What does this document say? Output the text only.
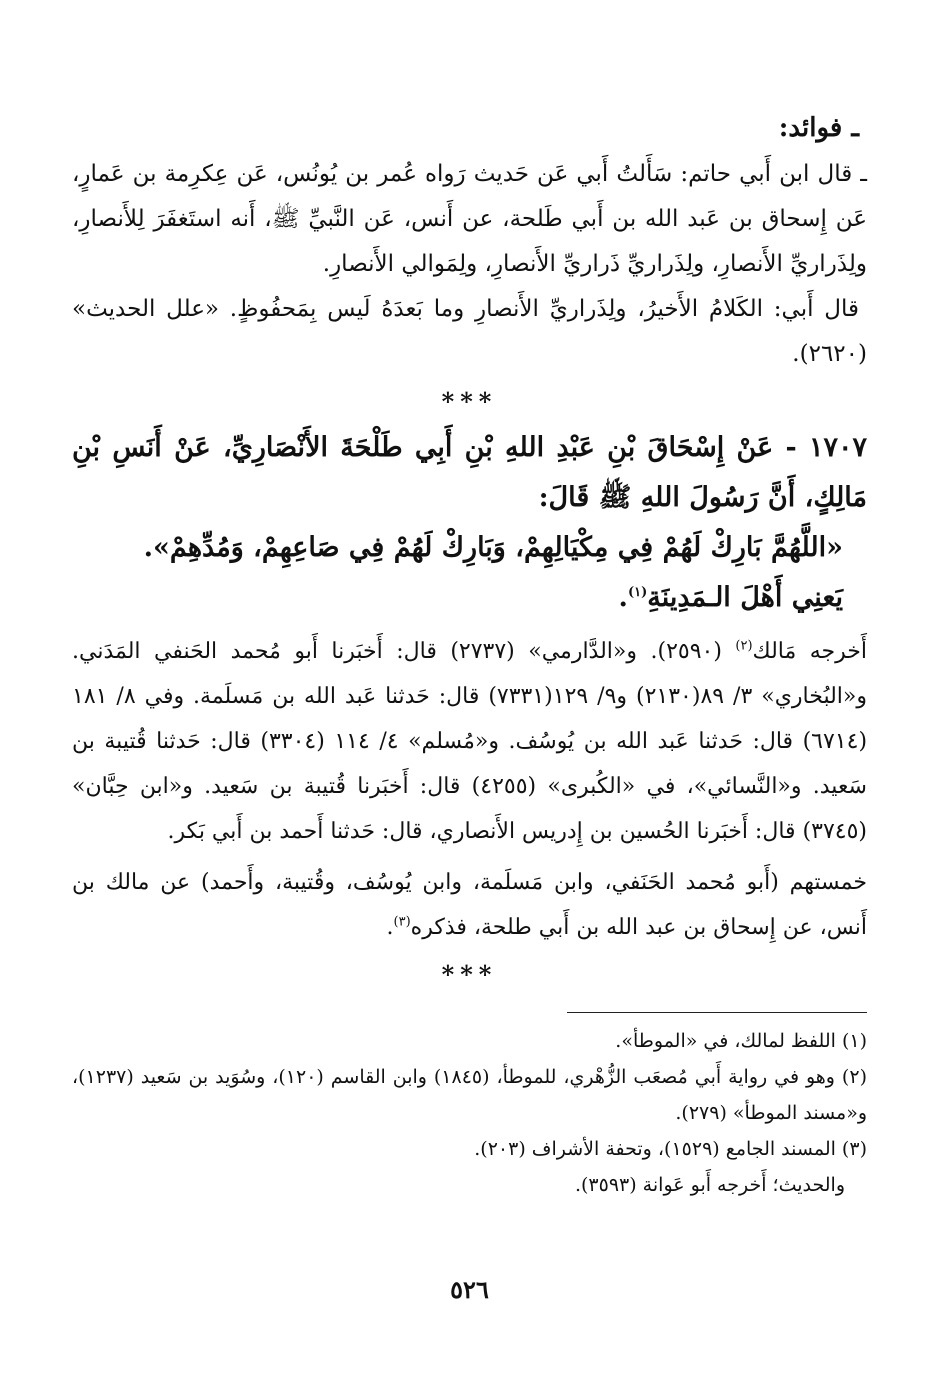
ـ فوائد:

ـ قال ابن أَبي حاتم: سَأَلتُ أَبي عَن حَديث رَواه عُمر بن يُونُس، عَن عِكرِمة بن عَمارٍ، عَن إِسحاق بن عَبد الله بن أَبي طَلحة، عن أَنس، عَن النَّبيِّ ﷺ، أَنه استَغفَرَ لِلأَنصارِ، ولِذَراريِّ الأَنصارِ، ولِذَراريِّ ذَراريِّ الأَنصارِ، ولِمَوالي الأَنصارِ.

قال أَبي: الكَلامُ الأَخيرُ، ولِذَراريِّ الأَنصارِ وما بَعدَهُ لَيس بِمَحفُوظٍ. «علل الحديث» (٢٦٢٠).

***

١٧٠٧ - عَنْ إِسْحَاقَ بْنِ عَبْدِ اللهِ بْنِ أَبِي طَلْحَةَ الأَنْصَارِيِّ، عَنْ أَنَسِ بْنِ مَالِكٍ، أَنَّ رَسُولَ اللهِ ﷺ قَالَ:

«اللَّهُمَّ بَارِكْ لَهُمْ فِي مِكْيَالِهِمْ، وَبَارِكْ لَهُمْ فِي صَاعِهِمْ، وَمُدِّهِمْ».

يَعنِي أَهْلَ الـمَدِينَةِ$^{(١)}$.

أَخرجه مَالك$^{(٢)}$ (٢٥٩٠). و«الدَّارمي» (٢٧٣٧) قال: أَخبَرنا أَبو مُحمد الحَنفي المَدَني. و«البُخاري» ٣/ ٨٩(٢١٣٠) و٩/ ١٢٩(٧٣٣١) قال: حَدثنا عَبد الله بن مَسلَمة. وفي ٨/ ١٨١ (٦٧١٤) قال: حَدثنا عَبد الله بن يُوسُف. و«مُسلم» ٤/ ١١٤ (٣٣٠٤) قال: حَدثنا قُتيبة بن سَعيد. و«النَّسائي»، في «الكُبرى» (٤٢٥٥) قال: أَخبَرنا قُتيبة بن سَعيد. و«ابن حِبَّان» (٣٧٤٥) قال: أَخبَرنا الحُسين بن إِدريس الأَنصاري، قال: حَدثنا أَحمد بن أَبي بَكر.

خمستهم (أَبو مُحمد الحَنَفي، وابن مَسلَمة، وابن يُوسُف، وقُتيبة، وأَحمد) عن مالك بن أَنس، عن إِسحاق بن عبد الله بن أَبي طلحة، فذكره$^{(٣)}$.

***

(١) اللفظ لمالك، في «الموطأ».

(٢) وهو في رواية أَبي مُصعَب الزُّهْري، للموطأ، (١٨٤٥) وابن القاسم (١٢٠)، وسُوَيد بن سَعيد (١٢٣٧)، و«مسند الموطأ» (٢٧٩).

(٣) المسند الجامع (١٥٢٩)، وتحفة الأشراف (٢٠٣).

والحديث؛ أَخرجه أَبو عَوانة (٣٥٩٣).

٥٢٦
